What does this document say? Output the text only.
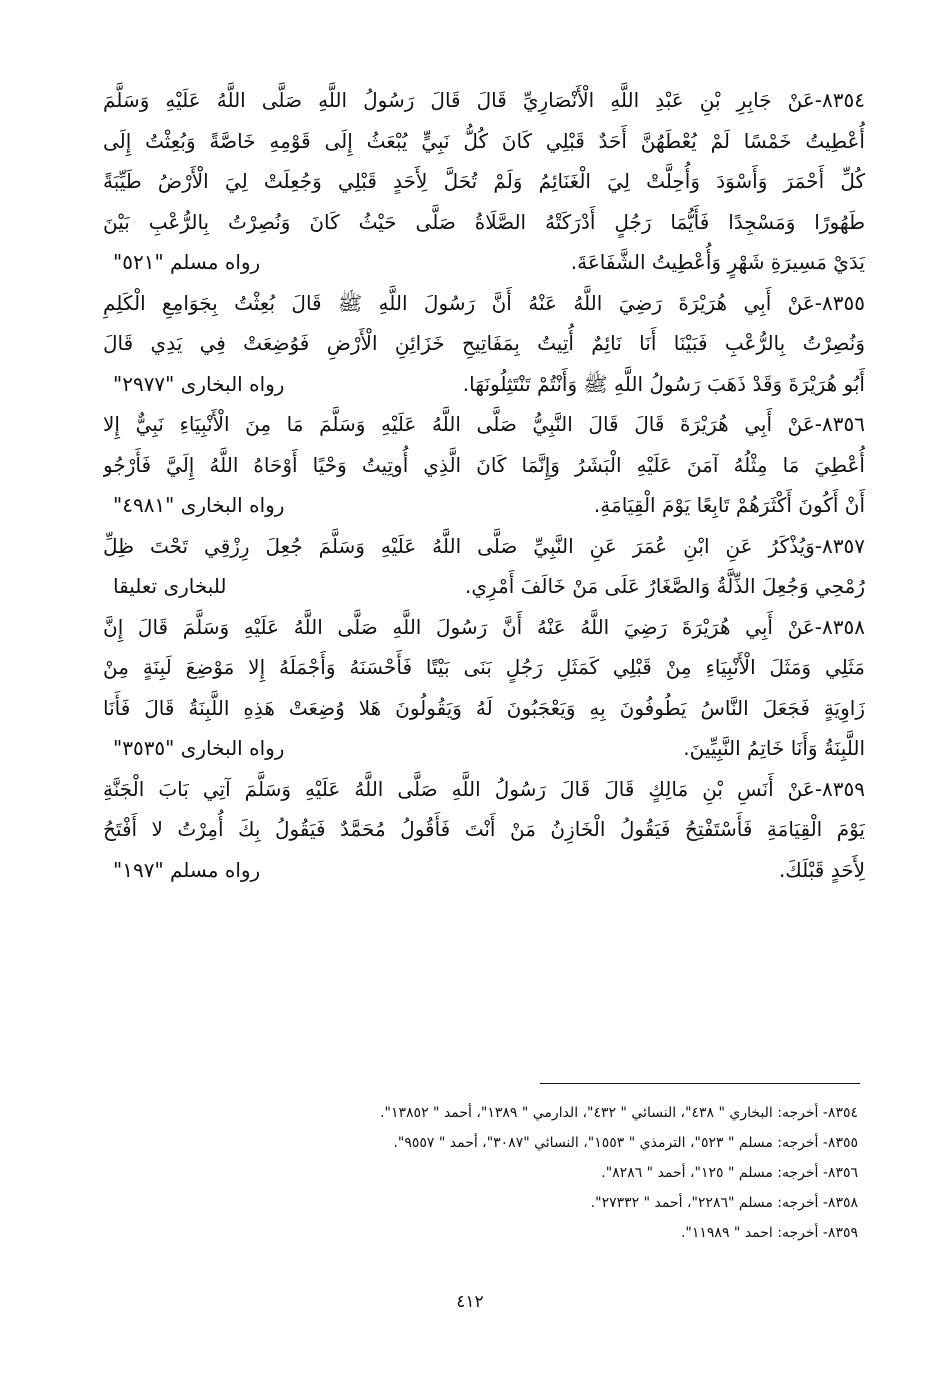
٨٣٥٤-عَنْ جَابِرِ بْنِ عَبْدِ اللَّهِ الْأَنْصَارِيِّ قَالَ قَالَ رَسُولُ اللَّهِ صَلَّى اللَّهُ عَلَيْهِ وَسَلَّمَ
أُعْطِيتُ خَمْسًا لَمْ يُعْطَهُنَّ أَحَدٌ قَبْلِي كَانَ كُلُّ نَبِيٍّ يُبْعَثُ إِلَى قَوْمِهِ خَاصَّةً وَبُعِثْتُ إِلَى
كُلِّ أَحْمَرَ وَأَسْوَدَ وَأُحِلَّتْ لِيَ الْغَنَائِمُ وَلَمْ تُحَلَّ لِأَحَدٍ قَبْلِي وَجُعِلَتْ لِيَ الْأَرْضُ طَيِّبَةً
طَهُورًا وَمَسْجِدًا فَأَيُّمَا رَجُلٍ أَدْرَكَتْهُ الصَّلَاةُ صَلَّى حَيْثُ كَانَ وَنُصِرْتُ بِالرُّعْبِ بَيْنَ
يَدَيْ مَسِيرَةِ شَهْرٍ وَأُعْطِيتُ الشَّفَاعَةَ.
رواه مسلم "٥٢١"
٨٣٥٥-عَنْ أَبِي هُرَيْرَةَ رَضِيَ اللَّهُ عَنْهُ أَنَّ رَسُولَ اللَّهِ ﷺ قَالَ بُعِثْتُ بِجَوَامِعِ الْكَلِمِ
وَنُصِرْتُ بِالرُّعْبِ فَبَيْنَا أَنَا نَائِمٌ أُتِيتُ بِمَفَاتِيحِ خَزَائِنِ الْأَرْضِ فَوُضِعَتْ فِي يَدِي قَالَ
أَبُو هُرَيْرَةَ وَقَدْ ذَهَبَ رَسُولُ اللَّهِ ﷺ وَأَنْتُمْ تَنْتَثِلُونَهَا.
رواه البخارى "٢٩٧٧"
٨٣٥٦-عَنْ أَبِي هُرَيْرَةَ قَالَ قَالَ النَّبِيُّ صَلَّى اللَّهُ عَلَيْهِ وَسَلَّمَ مَا مِنَ الْأَنْبِيَاءِ نَبِيٌّ إِلا
أُعْطِيَ مَا مِثْلُهُ آمَنَ عَلَيْهِ الْبَشَرُ وَإِنَّمَا كَانَ الَّذِي أُوتِيتُ وَحْيًا أَوْحَاهُ اللَّهُ إِلَيَّ فَأَرْجُو
أَنْ أَكُونَ أَكْثَرَهُمْ تَابِعًا يَوْمَ الْقِيَامَةِ.
رواه البخارى "٤٩٨١"
٨٣٥٧-وَيُذْكَرُ عَنِ ابْنِ عُمَرَ عَنِ النَّبِيِّ صَلَّى اللَّهُ عَلَيْهِ وَسَلَّمَ جُعِلَ رِزْقِي تَحْتَ ظِلِّ
رُمْحِي وَجُعِلَ الذِّلَّةُ وَالصَّغَارُ عَلَى مَنْ خَالَفَ أَمْرِي.
للبخارى تعليقا
٨٣٥٨-عَنْ أَبِي هُرَيْرَةَ رَضِيَ اللَّهُ عَنْهُ أَنَّ رَسُولَ اللَّهِ صَلَّى اللَّهُ عَلَيْهِ وَسَلَّمَ قَالَ إِنَّ
مَثَلِي وَمَثَلَ الْأَنْبِيَاءِ مِنْ قَبْلِي كَمَثَلِ رَجُلٍ بَنَى بَيْتًا فَأَحْسَنَهُ وَأَجْمَلَهُ إِلا مَوْضِعَ لَبِنَةٍ مِنْ
زَاوِيَةٍ فَجَعَلَ النَّاسُ يَطُوفُونَ بِهِ وَيَعْجَبُونَ لَهُ وَيَقُولُونَ هَلا وُضِعَتْ هَذِهِ اللَّبِنَةُ قَالَ فَأَنَا
اللَّبِنَةُ وَأَنَا خَاتِمُ النَّبِيِّينَ.
رواه البخارى "٣٥٣٥"
٨٣٥٩-عَنْ أَنَسِ بْنِ مَالِكٍ قَالَ قَالَ رَسُولُ اللَّهِ صَلَّى اللَّهُ عَلَيْهِ وَسَلَّمَ آتِي بَابَ الْجَنَّةِ
يَوْمَ الْقِيَامَةِ فَأَسْتَفْتِحُ فَيَقُولُ الْخَازِنُ مَنْ أَنْتَ فَأَقُولُ مُحَمَّدٌ فَيَقُولُ بِكَ أُمِرْتُ لا أَفْتَحُ
لِأَحَدٍ قَبْلَكَ.
رواه مسلم "١٩٧"
٨٣٥٤- أخرجه: البخاري " ٤٣٨"، النسائي " ٤٣٢"، الدارمي " ١٣٨٩"، أحمد " ١٣٨٥٢".
٨٣٥٥- أخرجه: مسلم " ٥٢٣"، الترمذي " ١٥٥٣"، النسائي "٣٠٨٧"، أحمد " ٩٥٥٧".
٨٣٥٦- أخرجه: مسلم " ١٢٥"، أحمد " ٨٢٨٦".
٨٣٥٨- أخرجه: مسلم "٢٢٨٦"، أحمد " ٢٧٣٣٢".
٨٣٥٩- أخرجه: احمد " ١١٩٨٩".
٤١٢
